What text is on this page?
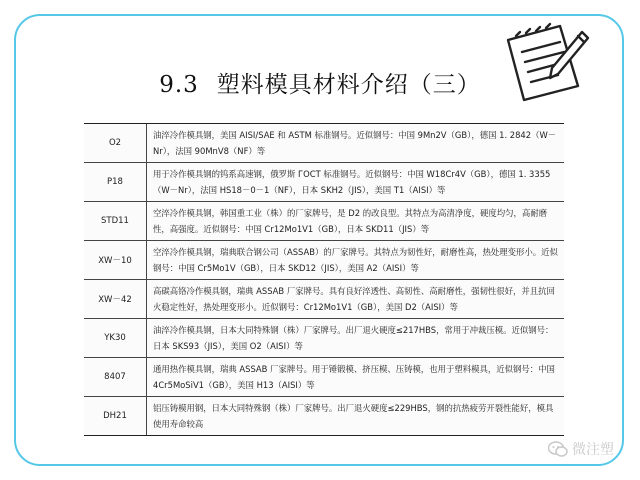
9.3 塑料模具材料介绍（三）
O2
油淬冷作模具钢，美国 AISI/SAE 和 ASTM 标准钢号。近似钢号：中国 9Mn2V（GB），德国 1. 2842（W－Nr），法国 90MnV8（NF）等
P18
用于冷作模具钢的钨系高速钢，俄罗斯 ГОСТ 标准钢号。近似钢号：中国 W18Cr4V（GB），德国 1. 3355（W－Nr），法国 HS18－0－1（NF），日本 SKH2（JIS），美国 T1（AISI）等
STD11
空淬冷作模具钢，韩国重工业（株）的厂家牌号，是 D2 的改良型。其特点为高清净度，硬度均匀，高耐磨性，高强度。近似钢号：中国 Cr12Mo1V1（GB），日本 SKD11（JIS）等
XW－10
空淬冷作模具钢，瑞典联合钢公司（ASSAB）的厂家牌号。其特点为韧性好，耐磨性高，热处理变形小。近似钢号：中国 Cr5Mo1V（GB），日本 SKD12（JIS），美国 A2（AISI）等
XW－42
高碳高铬冷作模具钢，瑞典 ASSAB 厂家牌号。具有良好淬透性、高韧性、高耐磨性，强韧性很好，并且抗回火稳定性好，热处理变形小。近似钢号：Cr12Mo1V1（GB），美国 D2（AISI）等
YK30
油淬冷作模具钢，日本大同特殊钢（株）厂家牌号。出厂退火硬度≤217HBS，常用于冲裁压模。近似钢号：日本 SKS93（JIS），美国 O2（AISI）等
8407
通用热作模具钢，瑞典 ASSAB 厂家牌号。用于锤锻模、挤压模、压铸模，也用于塑料模具，近似钢号：中国 4Cr5MoSiV1（GB），美国 H13（AISI）等
DH21
铝压铸模用钢，日本大同特殊钢（株）厂家牌号。出厂退火硬度≤229HBS，钢的抗热疲劳开裂性能好，模具使用寿命较高
微注塑
